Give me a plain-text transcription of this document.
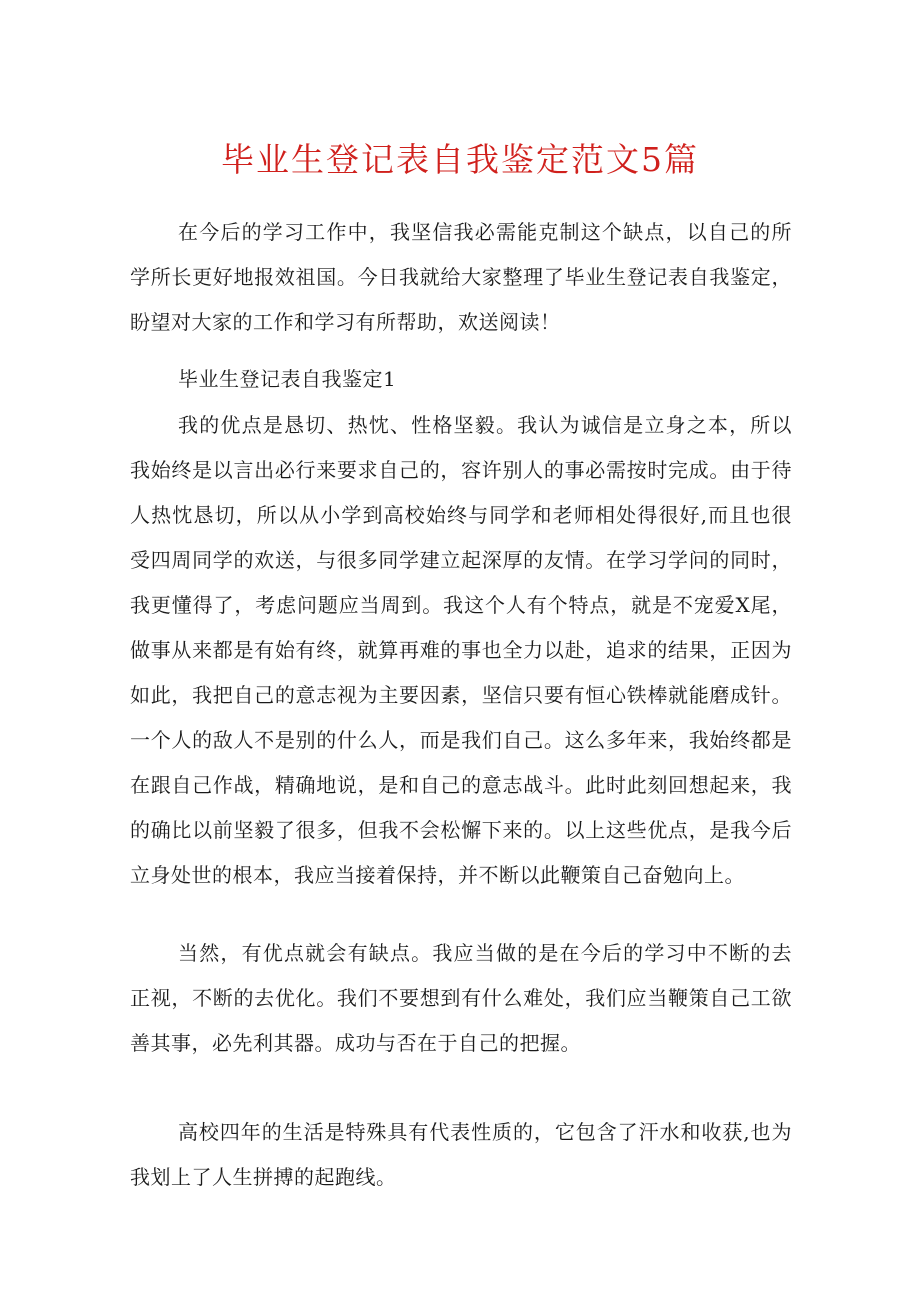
毕业生登记表自我鉴定范文5篇

在今后的学习工作中，我坚信我必需能克制这个缺点，以自己的所学所长更好地报效祖国。今日我就给大家整理了毕业生登记表自我鉴定，盼望对大家的工作和学习有所帮助，欢送阅读！

毕业生登记表自我鉴定1

我的优点是恳切、热忱、性格坚毅。我认为诚信是立身之本，所以我始终是以言出必行来要求自己的，容许别人的事必需按时完成。由于待人热忱恳切，所以从小学到高校始终与同学和老师相处得很好,而且也很受四周同学的欢送，与很多同学建立起深厚的友情。在学习学问的同时，我更懂得了，考虑问题应当周到。我这个人有个特点，就是不宠爱X尾，做事从来都是有始有终，就算再难的事也全力以赴，追求的结果，正因为如此，我把自己的意志视为主要因素，坚信只要有恒心铁棒就能磨成针。一个人的敌人不是别的什么人，而是我们自己。这么多年来，我始终都是在跟自己作战，精确地说，是和自己的意志战斗。此时此刻回想起来，我的确比以前坚毅了很多，但我不会松懈下来的。以上这些优点，是我今后立身处世的根本，我应当接着保持，并不断以此鞭策自己奋勉向上。

当然，有优点就会有缺点。我应当做的是在今后的学习中不断的去正视，不断的去优化。我们不要想到有什么难处，我们应当鞭策自己工欲善其事，必先利其器。成功与否在于自己的把握。

高校四年的生活是特殊具有代表性质的，它包含了汗水和收获,也为我划上了人生拼搏的起跑线。
